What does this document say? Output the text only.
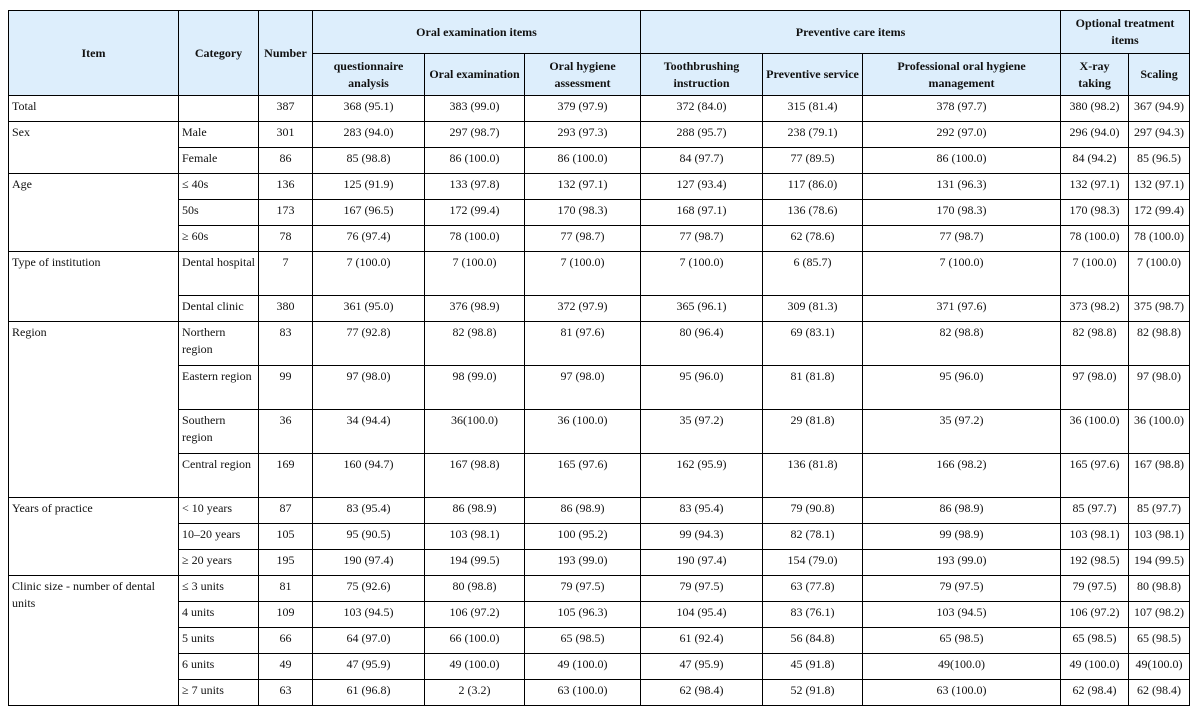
Item	Category	Number	Oral examination items			Preventive care items			Optional treatment items	
			questionnaire analysis	Oral examination	Oral hygiene assessment	Toothbrushing instruction	Preventive service	Professional oral hygiene management	X-ray taking	Scaling
Total		387	368 (95.1)	383 (99.0)	379 (97.9)	372 (84.0)	315 (81.4)	378 (97.7)	380 (98.2)	367 (94.9)
Sex	Male	301	283 (94.0)	297 (98.7)	293 (97.3)	288 (95.7)	238 (79.1)	292 (97.0)	296 (94.0)	297 (94.3)
	Female	86	85 (98.8)	86 (100.0)	86 (100.0)	84 (97.7)	77 (89.5)	86 (100.0)	84 (94.2)	85 (96.5)
Age	≤ 40s	136	125 (91.9)	133 (97.8)	132 (97.1)	127 (93.4)	117 (86.0)	131 (96.3)	132 (97.1)	132 (97.1)
	50s	173	167 (96.5)	172 (99.4)	170 (98.3)	168 (97.1)	136 (78.6)	170 (98.3)	170 (98.3)	172 (99.4)
	≥ 60s	78	76 (97.4)	78 (100.0)	77 (98.7)	77 (98.7)	62 (78.6)	77 (98.7)	78 (100.0)	78 (100.0)
Type of institution	Dental hospital	7	7 (100.0)	7 (100.0)	7 (100.0)	7 (100.0)	6 (85.7)	7 (100.0)	7 (100.0)	7 (100.0)
	Dental clinic	380	361 (95.0)	376 (98.9)	372 (97.9)	365 (96.1)	309 (81.3)	371 (97.6)	373 (98.2)	375 (98.7)
Region	Northern region	83	77 (92.8)	82 (98.8)	81 (97.6)	80 (96.4)	69 (83.1)	82 (98.8)	82 (98.8)	82 (98.8)
	Eastern region	99	97 (98.0)	98 (99.0)	97 (98.0)	95 (96.0)	81 (81.8)	95 (96.0)	97 (98.0)	97 (98.0)
	Southern region	36	34 (94.4)	36(100.0)	36 (100.0)	35 (97.2)	29 (81.8)	35 (97.2)	36 (100.0)	36 (100.0)
	Central region	169	160 (94.7)	167 (98.8)	165 (97.6)	162 (95.9)	136 (81.8)	166 (98.2)	165 (97.6)	167 (98.8)
Years of practice	< 10 years	87	83 (95.4)	86 (98.9)	86 (98.9)	83 (95.4)	79 (90.8)	86 (98.9)	85 (97.7)	85 (97.7)
	10–20 years	105	95 (90.5)	103 (98.1)	100 (95.2)	99 (94.3)	82 (78.1)	99 (98.9)	103 (98.1)	103 (98.1)
	≥ 20 years	195	190 (97.4)	194 (99.5)	193 (99.0)	190 (97.4)	154 (79.0)	193 (99.0)	192 (98.5)	194 (99.5)
Clinic size - number of dental units	≤ 3 units	81	75 (92.6)	80 (98.8)	79 (97.5)	79 (97.5)	63 (77.8)	79 (97.5)	79 (97.5)	80 (98.8)
	4 units	109	103 (94.5)	106 (97.2)	105 (96.3)	104 (95.4)	83 (76.1)	103 (94.5)	106 (97.2)	107 (98.2)
	5 units	66	64 (97.0)	66 (100.0)	65 (98.5)	61 (92.4)	56 (84.8)	65 (98.5)	65 (98.5)	65 (98.5)
	6 units	49	47 (95.9)	49 (100.0)	49 (100.0)	47 (95.9)	45 (91.8)	49(100.0)	49 (100.0)	49(100.0)
	≥ 7 units	63	61 (96.8)	2 (3.2)	63 (100.0)	62 (98.4)	52 (91.8)	63 (100.0)	62 (98.4)	62 (98.4)
